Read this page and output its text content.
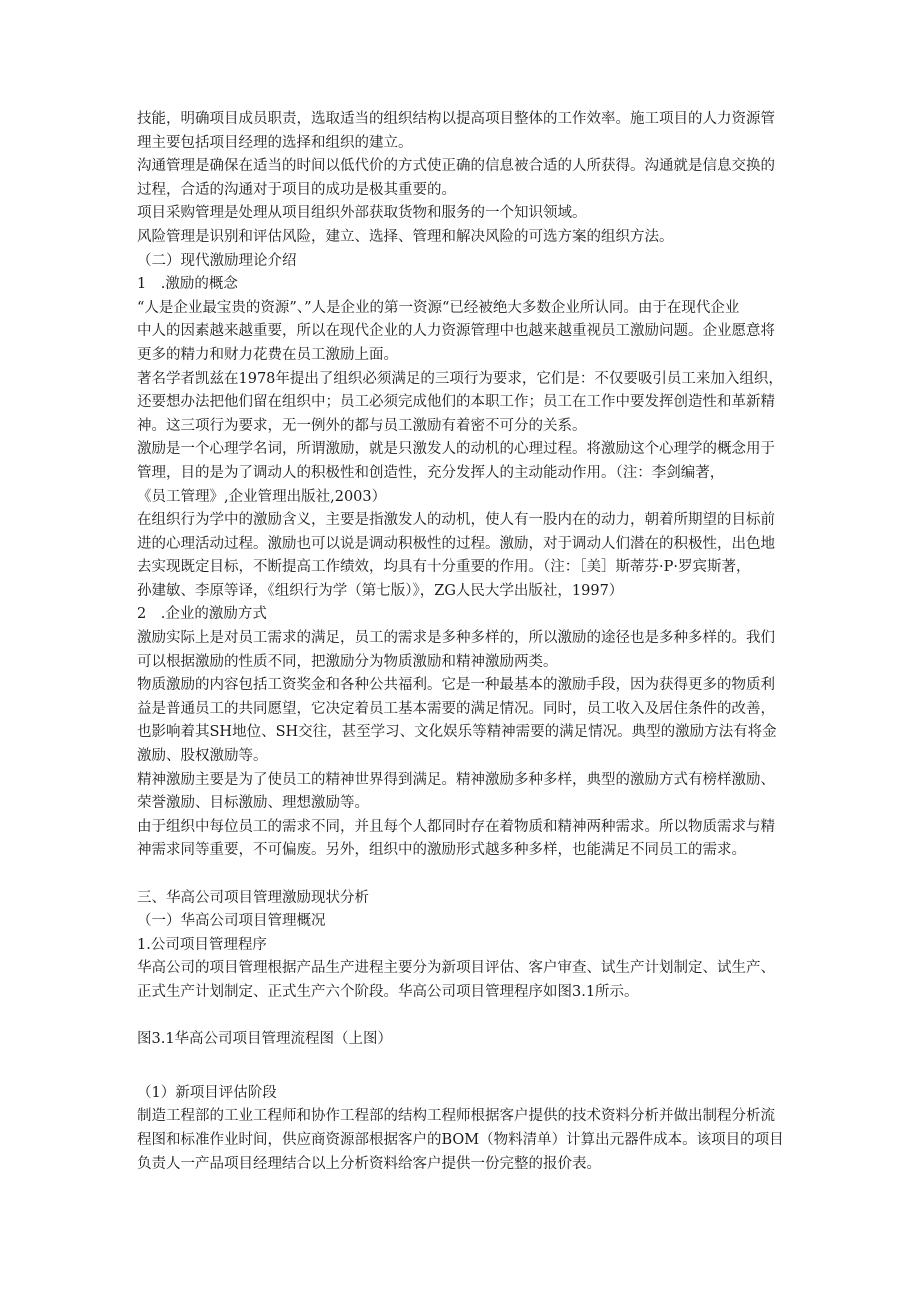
技能，明确项目成员职责，选取适当的组织结构以提高项目整体的工作效率。施工项目的人力资源管

理主要包括项目经理的选择和组织的建立。

沟通管理是确保在适当的时间以低代价的方式使正确的信息被合适的人所获得。沟通就是信息交换的

过程，合适的沟通对于项目的成功是极其重要的。

项目采购管理是处理从项目组织外部获取货物和服务的一个知识领域。

风险管理是识别和评估风险，建立、选择、管理和解决风险的可选方案的组织方法。

（二）现代激励理论介绍

1　.激励的概念

“人是企业最宝贵的资源”、”人是企业的第一资源“已经被绝大多数企业所认同。由于在现代企业

中人的因素越来越重要，所以在现代企业的人力资源管理中也越来越重视员工激励问题。企业愿意将

更多的精力和财力花费在员工激励上面。

著名学者凯兹在1978年提出了组织必须满足的三项行为要求，它们是：不仅要吸引员工来加入组织，

还要想办法把他们留在组织中；员工必须完成他们的本职工作；员工在工作中要发挥创造性和革新精

神。这三项行为要求，无一例外的都与员工激励有着密不可分的关系。

激励是一个心理学名词，所谓激励，就是只激发人的动机的心理过程。将激励这个心理学的概念用于

管理，目的是为了调动人的积极性和创造性，充分发挥人的主动能动作用。（注：李剑编著，

《员工管理》,企业管理出版社,2003）

在组织行为学中的激励含义，主要是指激发人的动机，使人有一股内在的动力，朝着所期望的目标前

进的心理活动过程。激励也可以说是调动积极性的过程。激励，对于调动人们潜在的积极性，出色地

去实现既定目标，不断提高工作绩效，均具有十分重要的作用。（注：［美］斯蒂芬·P·罗宾斯著，

孙建敏、李原等译，《组织行为学（第七版）》，ZG人民大学出版社，1997）

2　.企业的激励方式

激励实际上是对员工需求的满足，员工的需求是多种多样的，所以激励的途径也是多种多样的。我们

可以根据激励的性质不同，把激励分为物质激励和精神激励两类。

物质激励的内容包括工资奖金和各种公共福利。它是一种最基本的激励手段，因为获得更多的物质利

益是普通员工的共同愿望，它决定着员工基本需要的满足情况。同时，员工收入及居住条件的改善，

也影响着其SH地位、SH交往，甚至学习、文化娱乐等精神需要的满足情况。典型的激励方法有将金

激励、股权激励等。

精神激励主要是为了使员工的精神世界得到满足。精神激励多种多样，典型的激励方式有榜样激励、

荣誉激励、目标激励、理想激励等。

由于组织中每位员工的需求不同，并且每个人都同时存在着物质和精神两种需求。所以物质需求与精

神需求同等重要，不可偏废。另外，组织中的激励形式越多种多样，也能满足不同员工的需求。

三、华高公司项目管理激励现状分析

（一）华高公司项目管理概况

1.公司项目管理程序

华高公司的项目管理根据产品生产进程主要分为新项目评估、客户审查、试生产计划制定、试生产、

正式生产计划制定、正式生产六个阶段。华高公司项目管理程序如图3.1所示。

图3.1华高公司项目管理流程图（上图）

（1）新项目评估阶段

制造工程部的工业工程师和协作工程部的结构工程师根据客户提供的技术资料分析并做出制程分析流

程图和标准作业时间，供应商资源部根据客户的BOM（物料清单）计算出元器件成本。该项目的项目

负责人一产品项目经理结合以上分析资料给客户提供一份完整的报价表。
